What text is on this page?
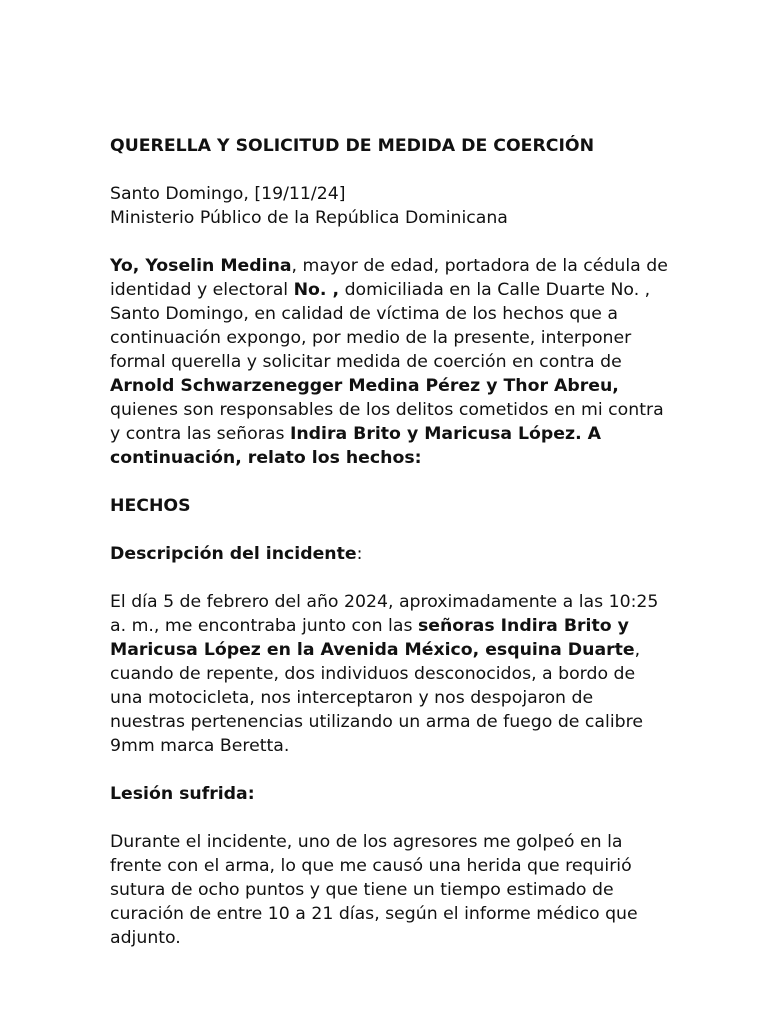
QUERELLA Y SOLICITUD DE MEDIDA DE COERCIÓN

Santo Domingo, [19/11/24]

Ministerio Público de la República Dominicana

Yo, Yoselin Medina, mayor de edad, portadora de la cédula de identidad y electoral No. , domiciliada en la Calle Duarte No. , Santo Domingo, en calidad de víctima de los hechos que a continuación expongo, por medio de la presente, interponer formal querella y solicitar medida de coerción en contra de Arnold Schwarzenegger Medina Pérez y Thor Abreu, quienes son responsables de los delitos cometidos en mi contra y contra las señoras Indira Brito y Maricusa López. A continuación, relato los hechos:

HECHOS

Descripción del incidente:

El día 5 de febrero del año 2024, aproximadamente a las 10:25 a. m., me encontraba junto con las señoras Indira Brito y Maricusa López en la Avenida México, esquina Duarte, cuando de repente, dos individuos desconocidos, a bordo de una motocicleta, nos interceptaron y nos despojaron de nuestras pertenencias utilizando un arma de fuego de calibre 9mm marca Beretta.

Lesión sufrida:

Durante el incidente, uno de los agresores me golpeó en la frente con el arma, lo que me causó una herida que requirió sutura de ocho puntos y que tiene un tiempo estimado de curación de entre 10 a 21 días, según el informe médico que adjunto.
